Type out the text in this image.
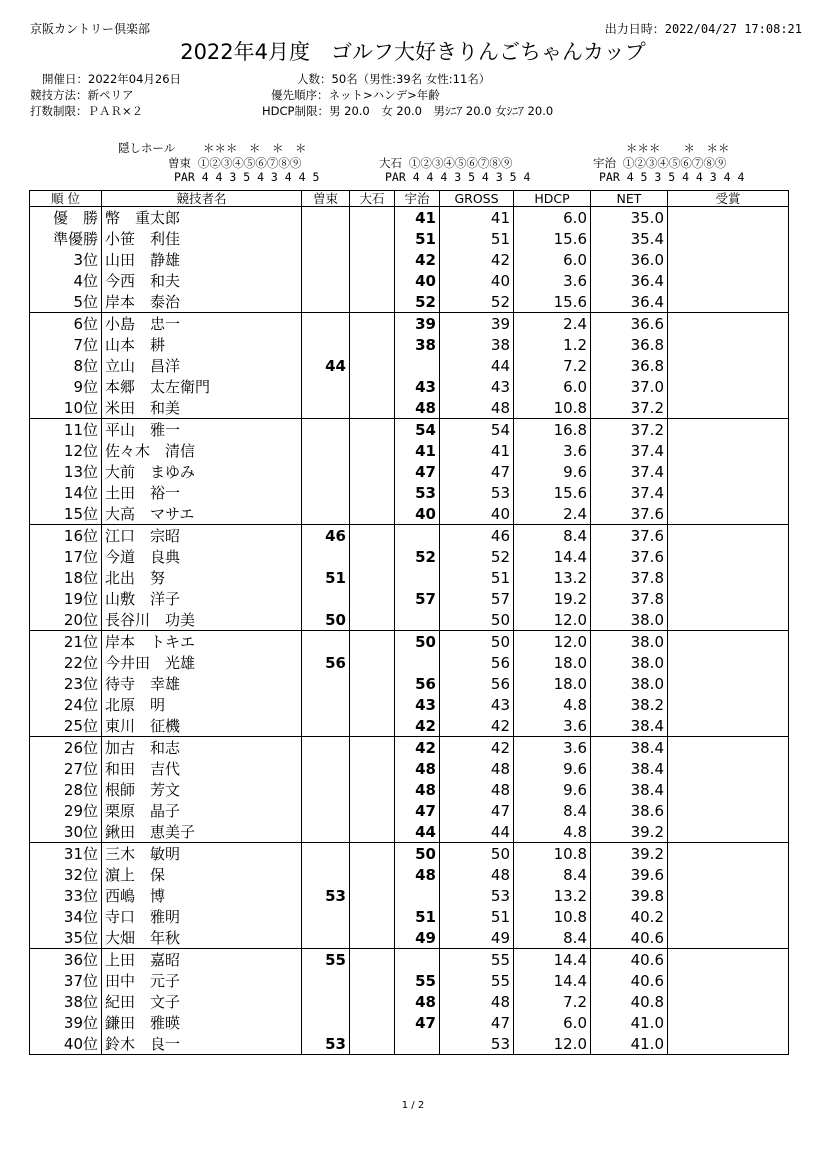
京阪カントリー倶楽部	出力日時：2022/04/27 17:08:21
2022年4月度　ゴルフ大好きりんごちゃんカップ
開催日：2022年04月26日
競技方法：新ペリア
打数制限：ＰＡＲ×２
人数：50名（男性:39名 女性:11名）
優先順序：ネット>ハンデ>年齢
HDCP制限：男 20.0　女 20.0　男ｼﾆｱ 20.0 女ｼﾆｱ 20.0
隠しホール ＊＊＊　＊　＊　＊	＊＊＊　　＊　＊＊
曽束 ①②③④⑤⑥⑦⑧⑨
PAR 4 4 3 5 4 3 4 4 5
大石 ①②③④⑤⑥⑦⑧⑨
PAR 4 4 4 3 5 4 3 5 4
宇治 ①②③④⑤⑥⑦⑧⑨
PAR 4 5 3 5 4 4 3 4 4
順 位	競技者名	曽束	大石	宇治	GROSS	HDCP	NET	受賞
優　勝	幣　重太郎			41	41	6.0	35.0	
準優勝	小笹　利佳			51	51	15.6	35.4	
3位	山田　静雄			42	42	6.0	36.0	
4位	今西　和夫			40	40	3.6	36.4	
5位	岸本　泰治			52	52	15.6	36.4	
6位	小島　忠一			39	39	2.4	36.6	
7位	山本　耕			38	38	1.2	36.8	
8位	立山　昌洋	44			44	7.2	36.8	
9位	本郷　太左衛門			43	43	6.0	37.0	
10位	米田　和美			48	48	10.8	37.2	
11位	平山　雅一			54	54	16.8	37.2	
12位	佐々木　清信			41	41	3.6	37.4	
13位	大前　まゆみ			47	47	9.6	37.4	
14位	土田　裕一			53	53	15.6	37.4	
15位	大高　マサエ			40	40	2.4	37.6	
16位	江口　宗昭	46			46	8.4	37.6	
17位	今道　良典			52	52	14.4	37.6	
18位	北出　努	51			51	13.2	37.8	
19位	山敷　洋子			57	57	19.2	37.8	
20位	長谷川　功美	50			50	12.0	38.0	
21位	岸本　トキエ			50	50	12.0	38.0	
22位	今井田　光雄	56			56	18.0	38.0	
23位	待寺　幸雄			56	56	18.0	38.0	
24位	北原　明			43	43	4.8	38.2	
25位	東川　征機			42	42	3.6	38.4	
26位	加古　和志			42	42	3.6	38.4	
27位	和田　吉代			48	48	9.6	38.4	
28位	根師　芳文			48	48	9.6	38.4	
29位	栗原　晶子			47	47	8.4	38.6	
30位	鍬田　恵美子			44	44	4.8	39.2	
31位	三木　敏明			50	50	10.8	39.2	
32位	濵上　保			48	48	8.4	39.6	
33位	西嶋　博	53			53	13.2	39.8	
34位	寺口　雅明			51	51	10.8	40.2	
35位	大畑　年秋			49	49	8.4	40.6	
36位	上田　嘉昭	55			55	14.4	40.6	
37位	田中　元子			55	55	14.4	40.6	
38位	紀田　文子			48	48	7.2	40.8	
39位	鎌田　雅暎			47	47	6.0	41.0	
40位	鈴木　良一	53			53	12.0	41.0	
1 / 2
